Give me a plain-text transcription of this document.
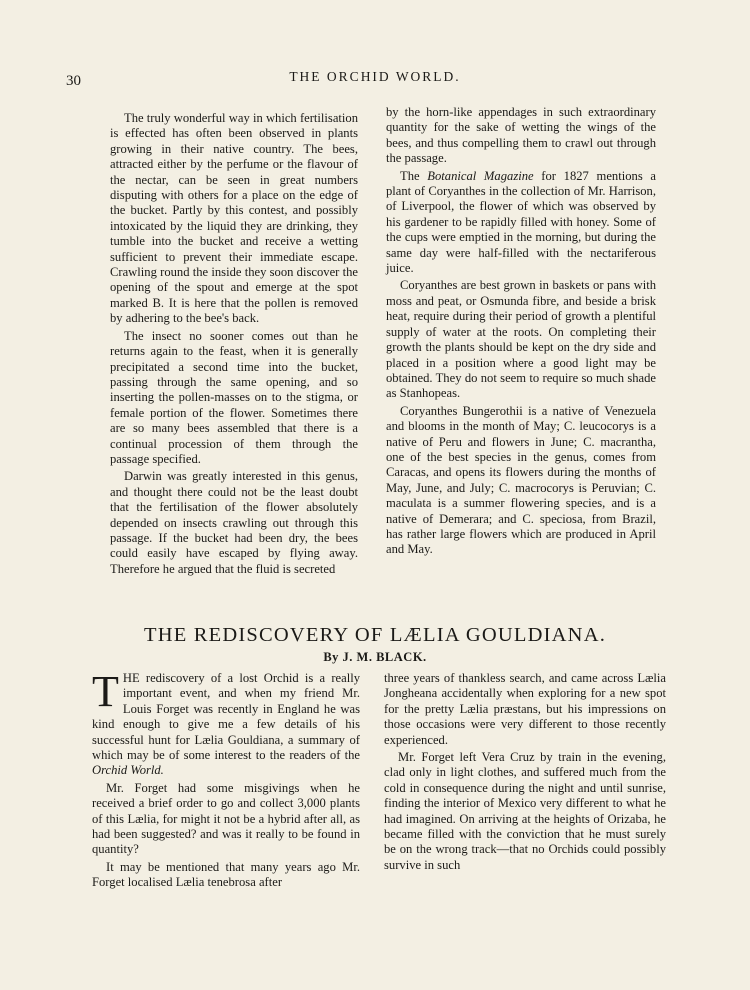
30	THE ORCHID WORLD.

The truly wonderful way in which fertilisation is effected has often been observed in plants growing in their native country. The bees, attracted either by the perfume or the flavour of the nectar, can be seen in great numbers disputing with others for a place on the edge of the bucket. Partly by this contest, and possibly intoxicated by the liquid they are drinking, they tumble into the bucket and receive a wetting sufficient to prevent their immediate escape. Crawling round the inside they soon discover the opening of the spout and emerge at the spot marked B. It is here that the pollen is removed by adhering to the bee's back.

The insect no sooner comes out than he returns again to the feast, when it is generally precipitated a second time into the bucket, passing through the same opening, and so inserting the pollen-masses on to the stigma, or female portion of the flower. Sometimes there are so many bees assembled that there is a continual procession of them through the passage specified.

Darwin was greatly interested in this genus, and thought there could not be the least doubt that the fertilisation of the flower absolutely depended on insects crawling out through this passage. If the bucket had been dry, the bees could easily have escaped by flying away. Therefore he argued that the fluid is secreted

by the horn-like appendages in such extraordinary quantity for the sake of wetting the wings of the bees, and thus compelling them to crawl out through the passage.

The Botanical Magazine for 1827 mentions a plant of Coryanthes in the collection of Mr. Harrison, of Liverpool, the flower of which was observed by his gardener to be rapidly filled with honey. Some of the cups were emptied in the morning, but during the same day were half-filled with the nectariferous juice.

Coryanthes are best grown in baskets or pans with moss and peat, or Osmunda fibre, and beside a brisk heat, require during their period of growth a plentiful supply of water at the roots. On completing their growth the plants should be kept on the dry side and placed in a position where a good light may be obtained. They do not seem to require so much shade as Stanhopeas.

Coryanthes Bungerothii is a native of Venezuela and blooms in the month of May; C. leucocorys is a native of Peru and flowers in June; C. macrantha, one of the best species in the genus, comes from Caracas, and opens its flowers during the months of May, June, and July; C. macrocorys is Peruvian; C. maculata is a summer flowering species, and is a native of Demerara; and C. speciosa, from Brazil, has rather large flowers which are produced in April and May.

THE REDISCOVERY OF LÆLIA GOULDIANA.
By J. M. BLACK.

THE rediscovery of a lost Orchid is a really important event, and when my friend Mr. Louis Forget was recently in England he was kind enough to give me a few details of his successful hunt for Lælia Gouldiana, a summary of which may be of some interest to the readers of the Orchid World.

Mr. Forget had some misgivings when he received a brief order to go and collect 3,000 plants of this Lælia, for might it not be a hybrid after all, as had been suggested? and was it really to be found in quantity?

It may be mentioned that many years ago Mr. Forget localised Lælia tenebrosa after

three years of thankless search, and came across Lælia Jongheana accidentally when exploring for a new spot for the pretty Lælia præstans, but his impressions on those occasions were very different to those recently experienced.

Mr. Forget left Vera Cruz by train in the evening, clad only in light clothes, and suffered much from the cold in consequence during the night and until sunrise, finding the interior of Mexico very different to what he had imagined. On arriving at the heights of Orizaba, he became filled with the conviction that he must surely be on the wrong track—that no Orchids could possibly survive in such
